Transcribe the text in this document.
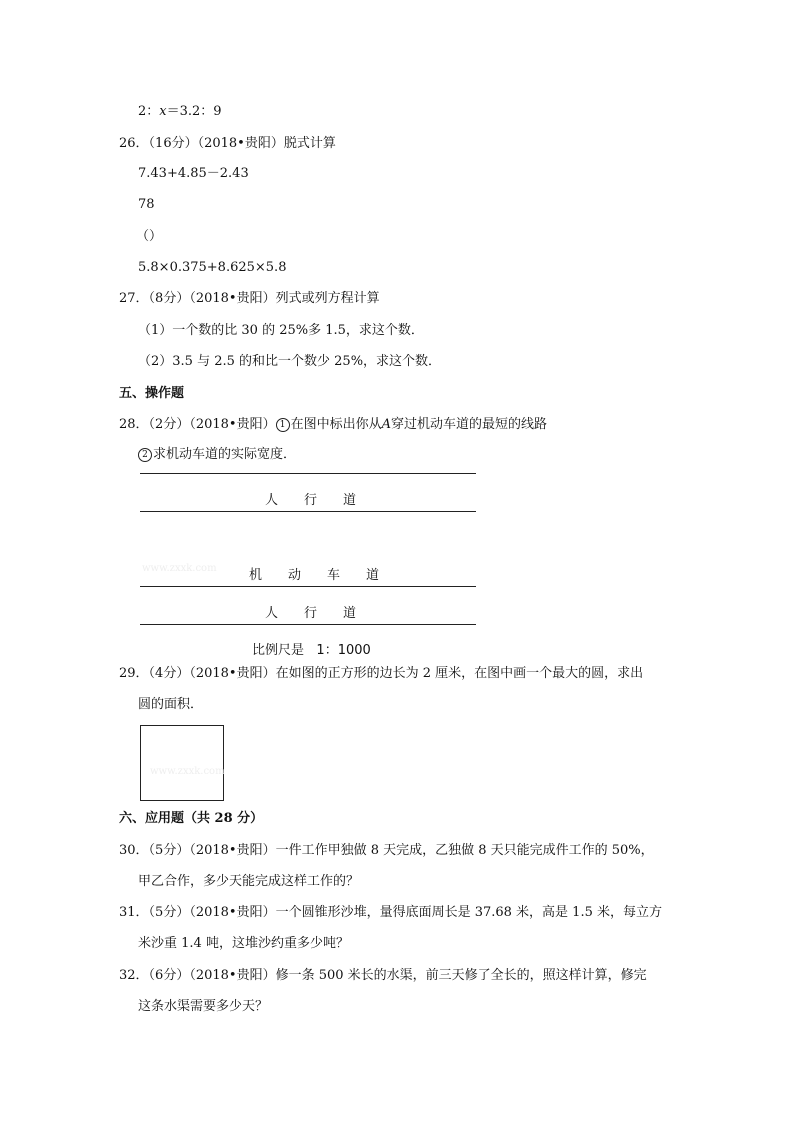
2：x＝3.2：9
26．（16分）（2018•贵阳）脱式计算
7.43+4.85－2.43
78
（）
5.8×0.375+8.625×5.8
27．（8分）（2018•贵阳）列式或列方程计算
（1）一个数的比 30 的 25%多 1.5，求这个数．
（2）3.5 与 2.5 的和比一个数少 25%，求这个数．
五、操作题
28．（2分）（2018•贵阳） 1 在图中标出你从A穿过机动车道的最短的线路
2 求机动车道的实际宽度．
人　　行　　道
www.zxxk.com 机　　动　　车　　道
人　　行　　道
比例尺是 1：1000
29．（4分）（2018•贵阳）在如图的正方形的边长为 2 厘米，在图中画一个最大的圆，求出
圆的面积．
www.zxxk.com
六、应用题（共 28 分）
30．（5分）（2018•贵阳）一件工作甲独做 8 天完成，乙独做 8 天只能完成件工作的 50%，
甲乙合作，多少天能完成这样工作的？
31．（5分）（2018•贵阳）一个圆锥形沙堆，量得底面周长是 37.68 米，高是 1.5 米，每立方
米沙重 1.4 吨，这堆沙约重多少吨？
32．（6分）（2018•贵阳）修一条 500 米长的水渠，前三天修了全长的，照这样计算，修完
这条水渠需要多少天？
